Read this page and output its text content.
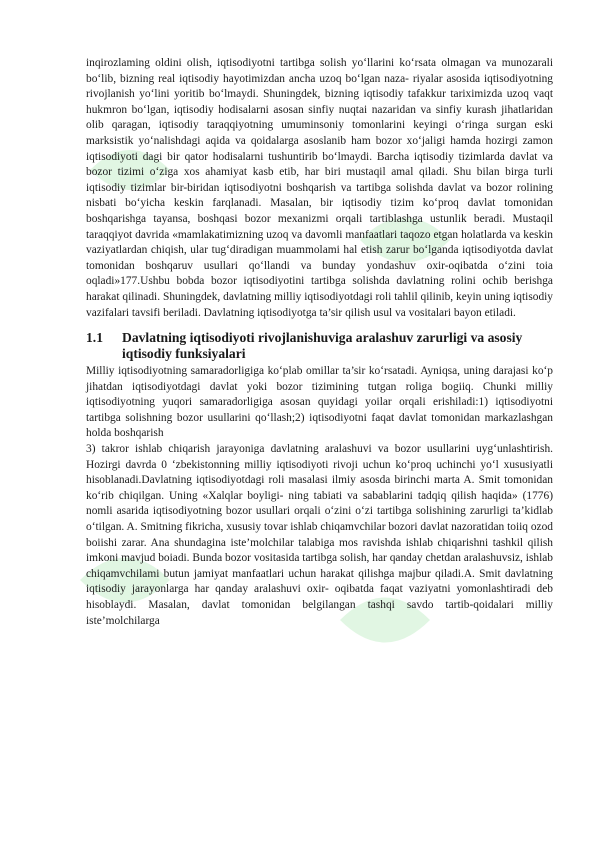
inqirozlaming oldini olish, iqtisodiyotni tartibga solish yo‘llarini ko‘rsata olmagan va munozarali bo‘lib, bizning real iqtisodiy hayotimizdan ancha uzoq bo‘lgan naza- riyalar asosida iqtisodiyotning rivojlanish yo‘lini yoritib bo‘lmaydi. Shuningdek, bizning iqtisodiy tafakkur tariximizda uzoq vaqt hukmron bo‘lgan, iqtisodiy hodisalarni asosan sinfiy nuqtai nazaridan va sinfiy kurash jihatlaridan olib qaragan, iqtisodiy taraqqiyotning umuminsoniy tomonlarini keyingi o‘ringa surgan eski marksistik yo‘nalishdagi aqida va qoidalarga asoslanib ham bozor xo‘jaligi hamda hozirgi zamon iqtisodiyoti dagi bir qator hodisalarni tushuntirib bo‘lmaydi. Barcha iqtisodiy tizimlarda davlat va bozor tizimi o‘ziga xos ahamiyat kasb etib, har biri mustaqil amal qiladi. Shu bilan birga turli iqtisodiy tizimlar bir-biridan iqtisodiyotni boshqarish va tartibga solishda davlat va bozor rolining nisbati bo‘yicha keskin farqlanadi. Masalan, bir iqtisodiy tizim ko‘proq davlat tomonidan boshqarishga tayansa, boshqasi bozor mexanizmi orqali tartiblashga ustunlik beradi. Mustaqil taraqqiyot davrida «mamlakatimizning uzoq va davomli manfaatlari taqozo etgan holatlarda va keskin vaziyatlardan chiqish, ular tug‘diradigan muammolami hal etish zarur bo‘lganda iqtisodiyotda davlat tomonidan boshqaruv usullari qo‘llandi va bunday yondashuv oxir-oqibatda o‘zini toia oqladi»177.Ushbu bobda bozor iqtisodiyotini tartibga solishda davlatning rolini ochib berishga harakat qilinadi. Shuningdek, davlatning milliy iqtisodiyotdagi roli tahlil qilinib, keyin uning iqtisodiy vazifalari tavsifi beriladi. Davlatning iqtisodiyotga ta’sir qilish usul va vositalari bayon etiladi.

1.1	Davlatning iqtisodiyoti rivojlanishuviga aralashuv zarurligi va asosiy iqtisodiy funksiyalari

Milliy iqtisodiyotning samaradorligiga ko‘plab omillar ta’sir ko‘rsatadi. Ayniqsa, uning darajasi ko‘p jihatdan iqtisodiyotdagi davlat yoki bozor tizimining tutgan roliga bogiiq. Chunki milliy iqtisodiyotning yuqori samaradorligiga asosan quyidagi yoilar orqali erishiladi:1) iqtisodiyotni tartibga solishning bozor usullarini qo‘llash;2) iqtisodiyotni faqat davlat tomonidan markazlashgan holda boshqarish

3) takror ishlab chiqarish jarayoniga davlatning aralashuvi va bozor usullarini uyg‘unlashtirish. Hozirgi davrda 0 ‘zbekistonning milliy iqtisodiyoti rivoji uchun ko‘proq uchinchi yo‘l xususiyatli hisoblanadi.Davlatning iqtisodiyotdagi roli masalasi ilmiy asosda birinchi marta A. Smit tomonidan ko‘rib chiqilgan. Uning «Xalqlar boyligi- ning tabiati va sabablarini tadqiq qilish haqida» (1776) nomli asarida iqtisodiyotning bozor usullari orqali o‘zini o‘zi tartibga solishining zarurligi ta’kidlab o‘tilgan. A. Smitning fikricha, xususiy tovar ishlab chiqamvchilar bozori davlat nazoratidan toiiq ozod boiishi zarar. Ana shundagina iste’molchilar talabiga mos ravishda ishlab chiqarishni tashkil qilish imkoni mavjud boiadi. Bunda bozor vositasida tartibga solish, har qanday chetdan aralashuvsiz, ishlab chiqamvchilami butun jamiyat manfaatlari uchun harakat qilishga majbur qiladi.A. Smit davlatning iqtisodiy jarayonlarga har qanday aralashuvi oxir- oqibatda faqat vaziyatni yomonlashtiradi deb hisoblaydi. Masalan, davlat tomonidan belgilangan tashqi savdo tartib-qoidalari milliy iste’molchilarga
